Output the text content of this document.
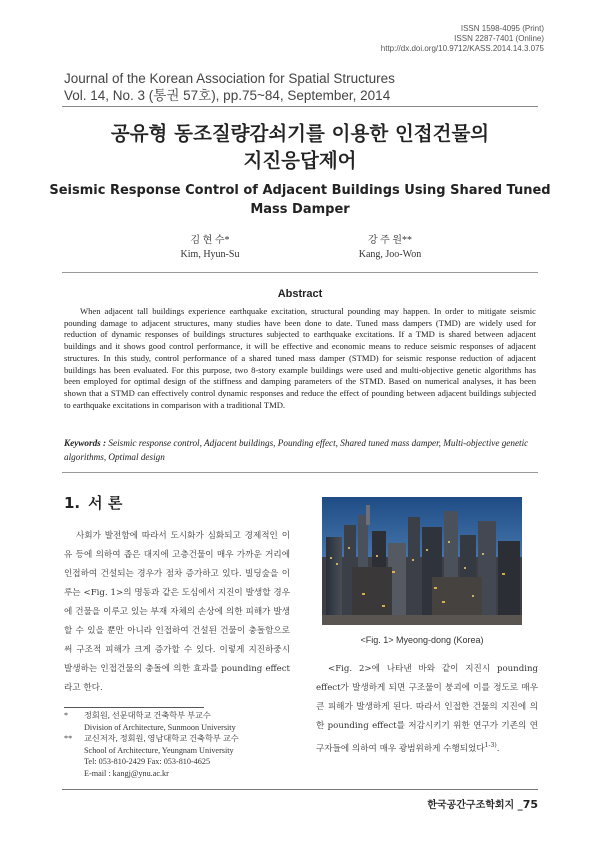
ISSN 1598-4095 (Print)
ISSN 2287-7401 (Online)
http://dx.doi.org/10.9712/KASS.2014.14.3.075
Journal of the Korean Association for Spatial Structures
Vol. 14, No. 3 (통권 57호), pp.75~84, September, 2014
공유형 동조질량감쇠기를 이용한 인접건물의
지진응답제어
Seismic Response Control of Adjacent Buildings Using Shared Tuned
Mass Damper
김 현 수*
Kim, Hyun-Su
강 주 원**
Kang, Joo-Won
Abstract
When adjacent tall buildings experience earthquake excitation, structural pounding may happen. In order to mitigate seismic pounding damage to adjacent structures, many studies have been done to date. Tuned mass dampers (TMD) are widely used for reduction of dynamic responses of buildings structures subjected to earthquake excitations. If a TMD is shared between adjacent buildings and it shows good control performance, it will be effective and economic means to reduce seismic responses of adjacent structures. In this study, control performance of a shared tuned mass damper (STMD) for seismic response reduction of adjacent buildings has been evaluated. For this purpose, two 8-story example buildings were used and multi-objective genetic algorithms has been employed for optimal design of the stiffness and damping parameters of the STMD. Based on numerical analyses, it has been shown that a STMD can effectively control dynamic responses and reduce the effect of pounding between adjacent buildings subjected to earthquake excitations in comparison with a traditional TMD.
Keywords : Seismic response control, Adjacent buildings, Pounding effect, Shared tuned mass damper, Multi-objective genetic algorithms, Optimal design
1. 서 론
사회가 발전함에 따라서 도시화가 심화되고 경제적인 이유 등에 의하여 좁은 대지에 고층건물이 매우 가까운 거리에 인접하여 건설되는 경우가 점차 증가하고 있다. 빌딩숲을 이루는 <Fig. 1>의 명동과 같은 도심에서 지진이 발생할 경우에 건물을 이루고 있는 부재 자체의 손상에 의한 피해가 발생할 수 있을 뿐만 아니라 인접하여 건설된 건물이 충돌함으로써 구조적 피해가 크게 증가할 수 있다. 이렇게 지진하중시 발생하는 인접건물의 충돌에 의한 효과를 pounding effect라고 한다.
*	정회원, 선문대학교 건축학부 부교수
Division of Architecture, Sunmoon University
**	교신저자, 정회원, 영남대학교 건축학부 교수
School of Architecture, Yeungnam University
Tel: 053-810-2429 Fax: 053-810-4625
E-mail : kangj@ynu.ac.kr
<Fig. 1> Myeong-dong (Korea)
<Fig. 2>에 나타낸 바와 같이 지진시 pounding effect가 발생하게 되면 구조물이 붕괴에 이를 정도로 매우 큰 피해가 발생하게 된다. 따라서 인접한 건물의 지진에 의한 pounding effect를 저감시키기 위한 연구가 기존의 연구자들에 의하여 매우 광범위하게 수행되었다$^{1-3)}$.
한국공간구조학회지 _75
